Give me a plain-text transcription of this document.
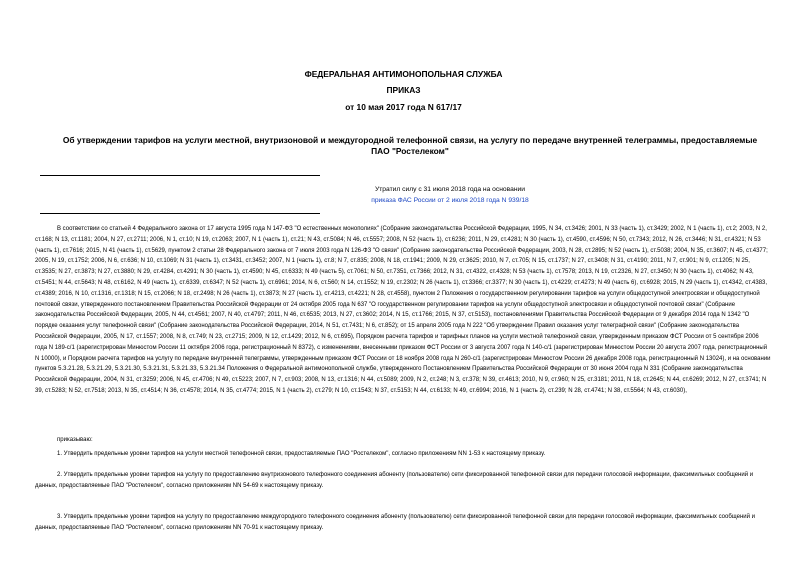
ФЕДЕРАЛЬНАЯ АНТИМОНОПОЛЬНАЯ СЛУЖБА
ПРИКАЗ
от 10 мая 2017 года N 617/17
Об утверждении тарифов на услуги местной, внутризоновой и междугородной телефонной связи, на услугу по передаче внутренней телеграммы, предоставляемые ПАО "Ростелеком"
Утратил силу с 31 июля 2018 года на основании
приказа ФАС России от 2 июля 2018 года N 939/18
В соответствии со статьей 4 Федерального закона от 17 августа 1995 года N 147-ФЗ "О естественных монополиях" (Собрание законодательства Российской Федерации, 1995, N 34, ст.3426; 2001, N 33 (часть 1), ст.3429; 2002, N 1 (часть 1), ст.2; 2003, N 2, ст.168; N 13, ст.1181; 2004, N 27, ст.2711; 2006, N 1, ст.10; N 19, ст.2063; 2007, N 1 (часть 1), ст.21; N 43, ст.5084; N 46, ст.5557; 2008, N 52 (часть 1), ст.6236; 2011, N 29, ст.4281; N 30 (часть 1), ст.4590, ст.4596; N 50, ст.7343; 2012, N 26, ст.3446; N 31, ст.4321; N 53 (часть 1), ст.7616; 2015, N 41 (часть 1), ст.5629, пунктом 2 статьи 28 Федерального закона от 7 июля 2003 года N 126-ФЗ "О связи" (Собрание законодательства Российской Федерации, 2003, N 28, ст.2895; N 52 (часть 1), ст.5038; 2004, N 35, ст.3607; N 45, ст.4377; 2005, N 19, ст.1752; 2006, N 6, ст.636; N 10, ст.1069; N 31 (часть 1), ст.3431, ст.3452; 2007, N 1 (часть 1), ст.8; N 7, ст.835; 2008, N 18, ст.1941; 2009, N 29, ст.3625; 2010, N 7, ст.705; N 15, ст.1737; N 27, ст.3408; N 31, ст.4190; 2011, N 7, ст.901; N 9, ст.1205; N 25, ст.3535; N 27, ст.3873; N 27, ст.3880; N 29, ст.4284, ст.4291; N 30 (часть 1), ст.4590; N 45, ст.6333; N 49 (часть 5), ст.7061; N 50, ст.7351, ст.7366; 2012, N 31, ст.4322, ст.4328; N 53 (часть 1), ст.7578; 2013, N 19, ст.2326, N 27, ст.3450; N 30 (часть 1), ст.4062; N 43, ст.5451; N 44, ст.5643; N 48, ст.6162, N 49 (часть 1), ст.6339, ст.6347; N 52 (часть 1), ст.6961; 2014, N 6, ст.560; N 14, ст.1552; N 19, ст.2302; N 26 (часть 1), ст.3366; ст.3377; N 30 (часть 1), ст.4229; ст.4273; N 49 (часть 6), ст.6928; 2015, N 29 (часть 1), ст.4342, ст.4383, ст.4389; 2016, N 10, ст.1316, ст.1318; N 15, ст.2066; N 18, ст.2498; N 26 (часть 1), ст.3873; N 27 (часть 1), ст.4213, ст.4221; N 28, ст.4558), пунктом 2 Положения о государственном регулировании тарифов на услуги общедоступной электросвязи и общедоступной почтовой связи, утвержденного постановлением Правительства Российской Федерации от 24 октября 2005 года N 637 "О государственном регулировании тарифов на услуги общедоступной электросвязи и общедоступной почтовой связи" (Собрание законодательства Российской Федерации, 2005, N 44, ст.4561; 2007, N 40, ст.4797; 2011, N 46, ст.6535; 2013, N 27, ст.3602; 2014, N 15, ст.1766; 2015, N 37, ст.5153), постановлениями Правительства Российской Федерации от 9 декабря 2014 года N 1342 "О порядке оказания услуг телефонной связи" (Собрание законодательства Российской Федерации, 2014, N 51, ст.7431; N 6, ст.852); от 15 апреля 2005 года N 222 "Об утверждении Правил оказания услуг телеграфной связи" (Собрание законодательства Российской Федерации, 2005, N 17, ст.1557; 2008, N 8, ст.749; N 23, ст.2715; 2009, N 12, ст.1429; 2012, N 6, ст.695), Порядком расчета тарифов и тарифных планов на услуги местной телефонной связи, утвержденным приказом ФСТ России от 5 сентября 2006 года N 189-с/1 (зарегистрирован Минюстом России 11 октября 2006 года, регистрационный N 8372), с изменениями, внесенными приказом ФСТ России от 3 августа 2007 года N 140-с/1 (зарегистрирован Минюстом России 20 августа 2007 года, регистрационный N 10000), и Порядком расчета тарифов на услугу по передаче внутренней телеграммы, утвержденным приказом ФСТ России от 18 ноября 2008 года N 260-с/1 (зарегистрирован Минюстом России 26 декабря 2008 года, регистрационный N 13024), и на основании пунктов 5.3.21.28, 5.3.21.29, 5.3.21.30, 5.3.21.31, 5.3.21.33, 5.3.21.34 Положения о Федеральной антимонопольной службе, утвержденного Постановлением Правительства Российской Федерации от 30 июня 2004 года N 331 (Собрание законодательства Российской Федерации, 2004, N 31, ст.3259; 2006, N 45, ст.4706; N 49, ст.5223; 2007, N 7, ст.903; 2008, N 13, ст.1316; N 44, ст.5089; 2009, N 2, ст.248; N 3, ст.378; N 39, ст.4613; 2010, N 9, ст.960; N 25, ст.3181; 2011, N 18, ст.2645; N 44, ст.6269; 2012, N 27, ст.3741; N 39, ст.5283; N 52, ст.7518; 2013, N 35, ст.4514; N 36, ст.4578; 2014, N 35, ст.4774; 2015, N 1 (часть 2), ст.279; N 10, ст.1543; N 37, ст.5153; N 44, ст.6133; N 49, ст.6994; 2016, N 1 (часть 2), ст.239; N 28, ст.4741; N 38, ст.5564; N 43, ст.6030),
приказываю:
1. Утвердить предельные уровни тарифов на услуги местной телефонной связи, предоставляемые ПАО "Ростелеком", согласно приложениям NN 1-53 к настоящему приказу.
2. Утвердить предельные уровни тарифов на услугу по предоставлению внутризонового телефонного соединения абоненту (пользователю) сети фиксированной телефонной связи для передачи голосовой информации, факсимильных сообщений и данных, предоставляемые ПАО "Ростелеком", согласно приложениям NN 54-69 к настоящему приказу.
3. Утвердить предельные уровни тарифов на услугу по предоставлению междугородного телефонного соединения абоненту (пользователю) сети фиксированной телефонной связи для передачи голосовой информации, факсимильных сообщений и данных, предоставляемые ПАО "Ростелеком", согласно приложениям NN 70-91 к настоящему приказу.
